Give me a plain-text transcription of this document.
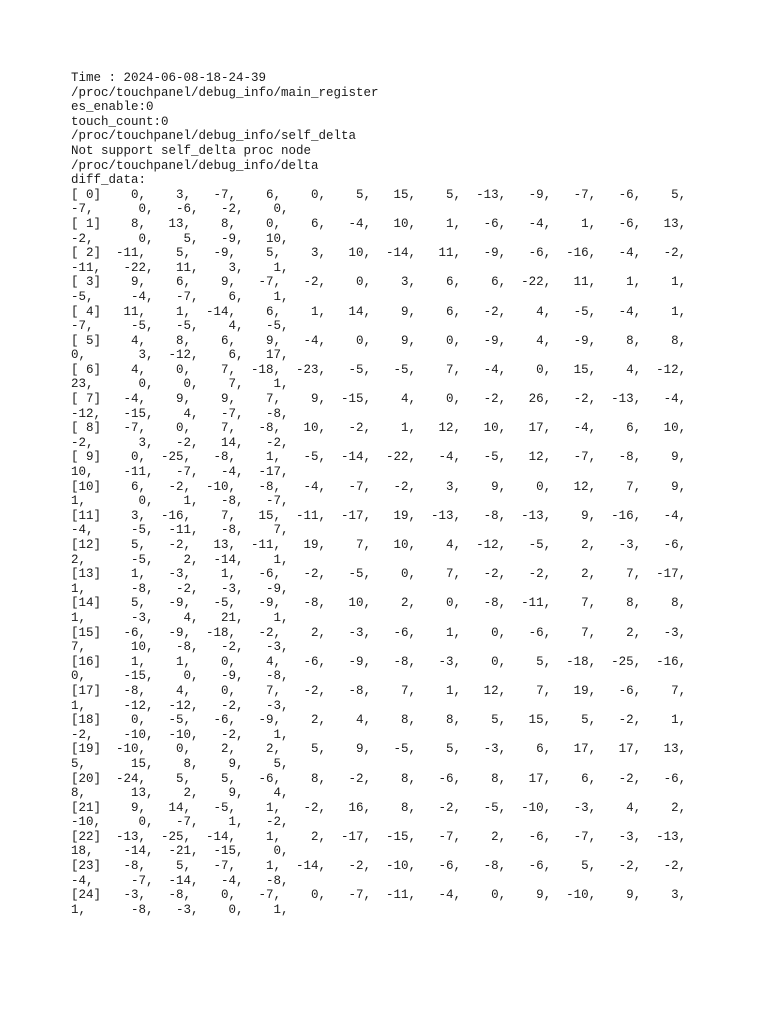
Time : 2024-06-08-18-24-39
/proc/touchpanel/debug_info/main_register
es_enable:0
touch_count:0
/proc/touchpanel/debug_info/self_delta
Not support self_delta proc node
/proc/touchpanel/debug_info/delta
diff_data:
[ 0]    0,    3,   -7,    6,    0,    5,   15,    5,  -13,   -9,   -7,   -6,    5,
-7,      0,   -6,   -2,    0,
[ 1]    8,   13,    8,    0,    6,   -4,   10,    1,   -6,   -4,    1,   -6,   13,
-2,      0,    5,   -9,   10,
[ 2]  -11,    5,   -9,    5,    3,   10,  -14,   11,   -9,   -6,  -16,   -4,   -2,
-11,   -22,   11,    3,    1,
[ 3]    9,    6,    9,   -7,   -2,    0,    3,    6,    6,  -22,   11,    1,    1,
-5,     -4,   -7,    6,    1,
[ 4]   11,    1,  -14,    6,    1,   14,    9,    6,   -2,    4,   -5,   -4,    1,
-7,     -5,   -5,    4,   -5,
[ 5]    4,    8,    6,    9,   -4,    0,    9,    0,   -9,    4,   -9,    8,    8,
0,       3,  -12,    6,   17,
[ 6]    4,    0,    7,  -18,  -23,   -5,   -5,    7,   -4,    0,   15,    4,  -12,
23,      0,    0,    7,    1,
[ 7]   -4,    9,    9,    7,    9,  -15,    4,    0,   -2,   26,   -2,  -13,   -4,
-12,   -15,    4,   -7,   -8,
[ 8]   -7,    0,    7,   -8,   10,   -2,    1,   12,   10,   17,   -4,    6,   10,
-2,      3,   -2,   14,   -2,
[ 9]    0,  -25,   -8,    1,   -5,  -14,  -22,   -4,   -5,   12,   -7,   -8,    9,
10,    -11,   -7,   -4,  -17,
[10]    6,   -2,  -10,   -8,   -4,   -7,   -2,    3,    9,    0,   12,    7,    9,
1,       0,    1,   -8,   -7,
[11]    3,  -16,    7,   15,  -11,  -17,   19,  -13,   -8,  -13,    9,  -16,   -4,
-4,     -5,  -11,   -8,    7,
[12]    5,   -2,   13,  -11,   19,    7,   10,    4,  -12,   -5,    2,   -3,   -6,
2,      -5,    2,  -14,    1,
[13]    1,   -3,    1,   -6,   -2,   -5,    0,    7,   -2,   -2,    2,    7,  -17,
1,      -8,   -2,   -3,   -9,
[14]    5,   -9,   -5,   -9,   -8,   10,    2,    0,   -8,  -11,    7,    8,    8,
1,      -3,    4,   21,    1,
[15]   -6,   -9,  -18,   -2,    2,   -3,   -6,    1,    0,   -6,    7,    2,   -3,
7,      10,   -8,   -2,   -3,
[16]    1,    1,    0,    4,   -6,   -9,   -8,   -3,    0,    5,  -18,  -25,  -16,
0,     -15,    0,   -9,   -8,
[17]   -8,    4,    0,    7,   -2,   -8,    7,    1,   12,    7,   19,   -6,    7,
1,     -12,  -12,   -2,   -3,
[18]    0,   -5,   -6,   -9,    2,    4,    8,    8,    5,   15,    5,   -2,    1,
-2,    -10,  -10,   -2,    1,
[19]  -10,    0,    2,    2,    5,    9,   -5,    5,   -3,    6,   17,   17,   13,
5,      15,    8,    9,    5,
[20]  -24,    5,    5,   -6,    8,   -2,    8,   -6,    8,   17,    6,   -2,   -6,
8,      13,    2,    9,    4,
[21]    9,   14,   -5,    1,   -2,   16,    8,   -2,   -5,  -10,   -3,    4,    2,
-10,     0,   -7,    1,   -2,
[22]  -13,  -25,  -14,    1,    2,  -17,  -15,   -7,    2,   -6,   -7,   -3,  -13,
18,    -14,  -21,  -15,    0,
[23]   -8,    5,   -7,    1,  -14,   -2,  -10,   -6,   -8,   -6,    5,   -2,   -2,
-4,     -7,  -14,   -4,   -8,
[24]   -3,   -8,    0,   -7,    0,   -7,  -11,   -4,    0,    9,  -10,    9,    3,
1,      -8,   -3,    0,    1,
